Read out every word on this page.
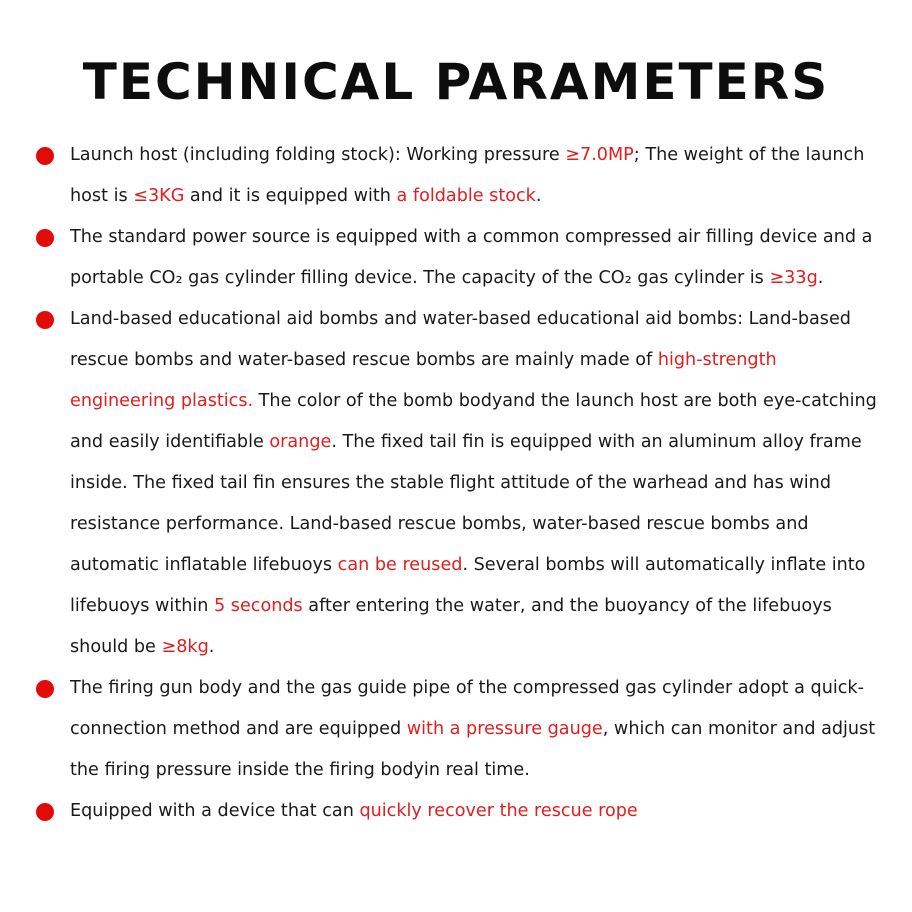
TECHNICAL PARAMETERS
Launch host (including folding stock): Working pressure ≥7.0MP; The weight of the launch host is ≤3KG and it is equipped with a foldable stock.
The standard power source is equipped with a common compressed air filling device and a portable CO₂ gas cylinder filling device. The capacity of the CO₂ gas cylinder is ≥33g.
Land-based educational aid bombs and water-based educational aid bombs: Land-based rescue bombs and water-based rescue bombs are mainly made of high-strength engineering plastics. The color of the bomb bodyand the launch host are both eye-catching and easily identifiable orange. The fixed tail fin is equipped with an aluminum alloy frame inside. The fixed tail fin ensures the stable flight attitude of the warhead and has wind resistance performance. Land-based rescue bombs, water-based rescue bombs and automatic inflatable lifebuoys can be reused. Several bombs will automatically inflate into lifebuoys within 5 seconds after entering the water, and the buoyancy of the lifebuoys should be ≥8kg.
The firing gun body and the gas guide pipe of the compressed gas cylinder adopt a quick-connection method and are equipped with a pressure gauge, which can monitor and adjust the firing pressure inside the firing bodyin real time.
Equipped with a device that can quickly recover the rescue rope
